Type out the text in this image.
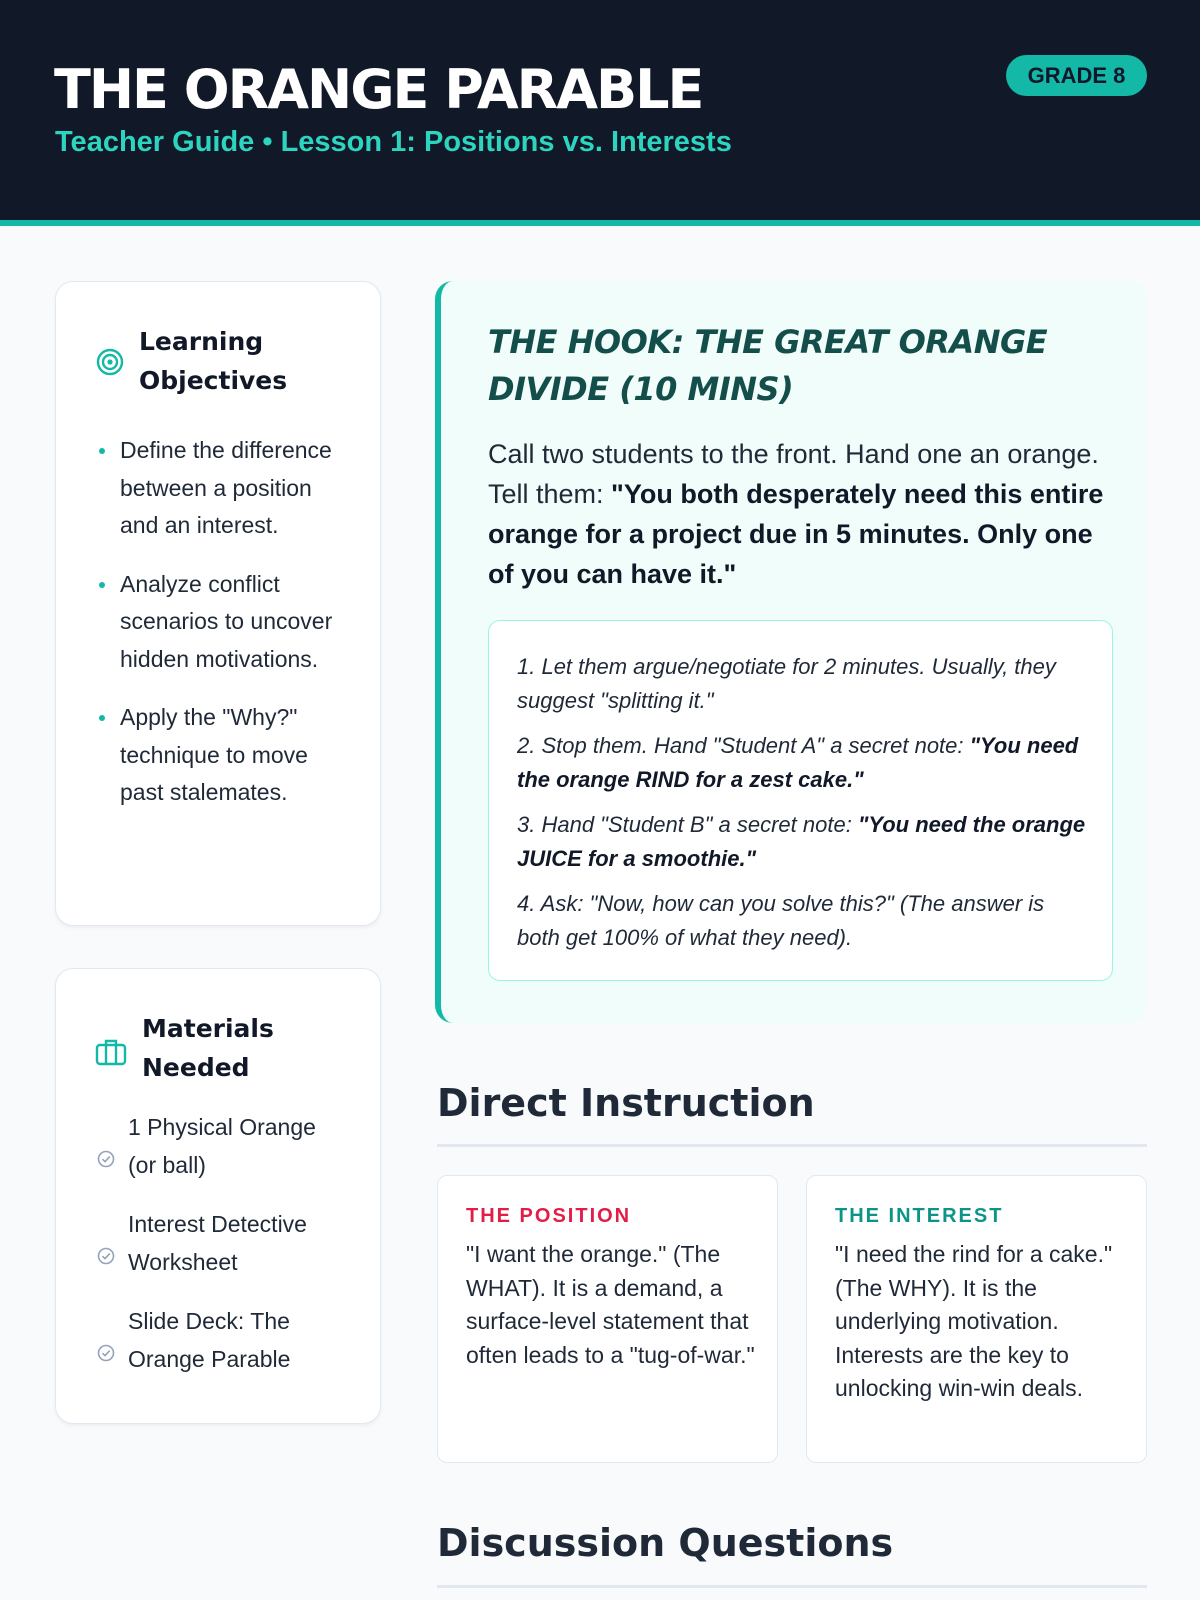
THE ORANGE PARABLE
Teacher Guide • Lesson 1: Positions vs. Interests
GRADE 8
Learning
Objectives
Define the difference between a position and an interest.
Analyze conflict scenarios to uncover hidden motivations.
Apply the "Why?" technique to move past stalemates.
Materials
Needed
1 Physical Orange (or ball)
Interest Detective Worksheet
Slide Deck: The Orange Parable
THE HOOK: THE GREAT ORANGE DIVIDE (10 MINS)
Call two students to the front. Hand one an orange. Tell them: "You both desperately need this entire orange for a project due in 5 minutes. Only one of you can have it."
1. Let them argue/negotiate for 2 minutes. Usually, they suggest "splitting it."
2. Stop them. Hand "Student A" a secret note: "You need the orange RIND for a zest cake."
3. Hand "Student B" a secret note: "You need the orange JUICE for a smoothie."
4. Ask: "Now, how can you solve this?" (The answer is both get 100% of what they need).
Direct Instruction
THE POSITION
"I want the orange." (The WHAT). It is a demand, a surface-level statement that often leads to a "tug-of-war."
THE INTEREST
"I need the rind for a cake." (The WHY). It is the underlying motivation. Interests are the key to unlocking win-win deals.
Discussion Questions
